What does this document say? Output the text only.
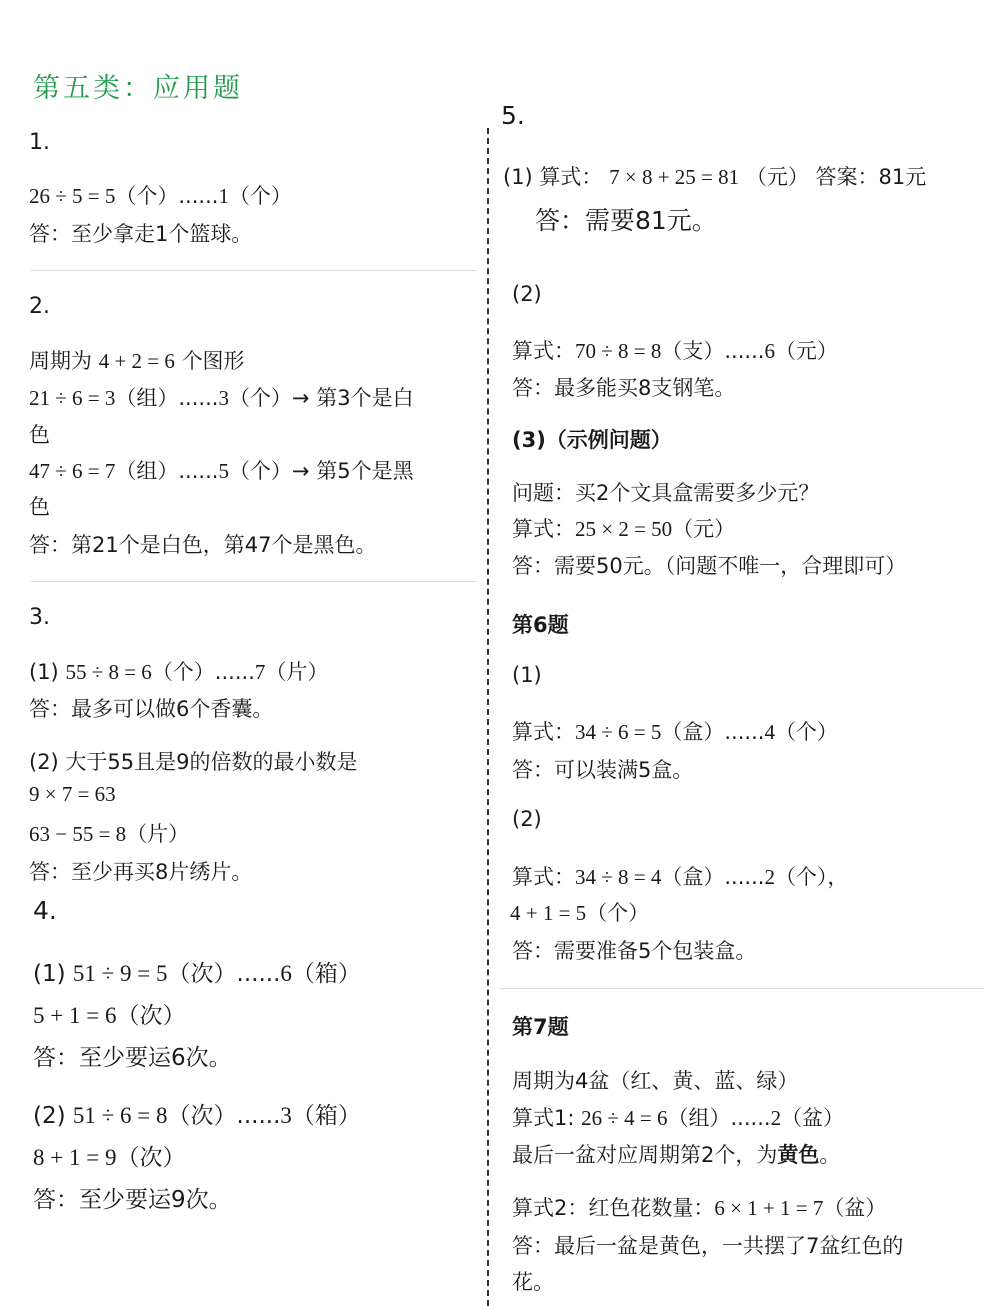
第五类：应用题
1.
26 ÷ 5 = 5（个）......1（个）
答：至少拿走1个篮球。
2.
周期为 4 + 2 = 6 个图形
21 ÷ 6 = 3（组）......3（个）→ 第3个是白
色
47 ÷ 6 = 7（组）......5（个）→ 第5个是黑
色
答：第21个是白色，第47个是黑色。
3.
(1) 55 ÷ 8 = 6（个）......7（片）
答：最多可以做6个香囊。
(2) 大于55且是9的倍数的最小数是
9 × 7 = 63
63 − 55 = 8（片）
答：至少再买8片绣片。
4.
(1) 51 ÷ 9 = 5（次）......6（箱）
5 + 1 = 6（次）
答：至少要运6次。
(2) 51 ÷ 6 = 8（次）......3（箱）
8 + 1 = 9（次）
答：至少要运9次。
5.
(1) 算式： 7 × 8 + 25 = 81 （元） 答案：81元
答：需要81元。
(2)
算式：70 ÷ 8 = 8（支）......6（元）
答：最多能买8支钢笔。
(3)（示例问题）
问题：买2个文具盒需要多少元？
算式：25 × 2 = 50（元）
答：需要50元。（问题不唯一，合理即可）
第6题
(1)
算式：34 ÷ 6 = 5（盒）......4（个）
答：可以装满5盒。
(2)
算式：34 ÷ 8 = 4（盒）......2（个），
4 + 1 = 5（个）
答：需要准备5个包装盒。
第7题
周期为4盆（红、黄、蓝、绿）
算式1: 26 ÷ 4 = 6（组）......2（盆）
最后一盆对应周期第2个，为黄色。
算式2：红色花数量：6 × 1 + 1 = 7（盆）
答：最后一盆是黄色，一共摆了7盆红色的
花。
